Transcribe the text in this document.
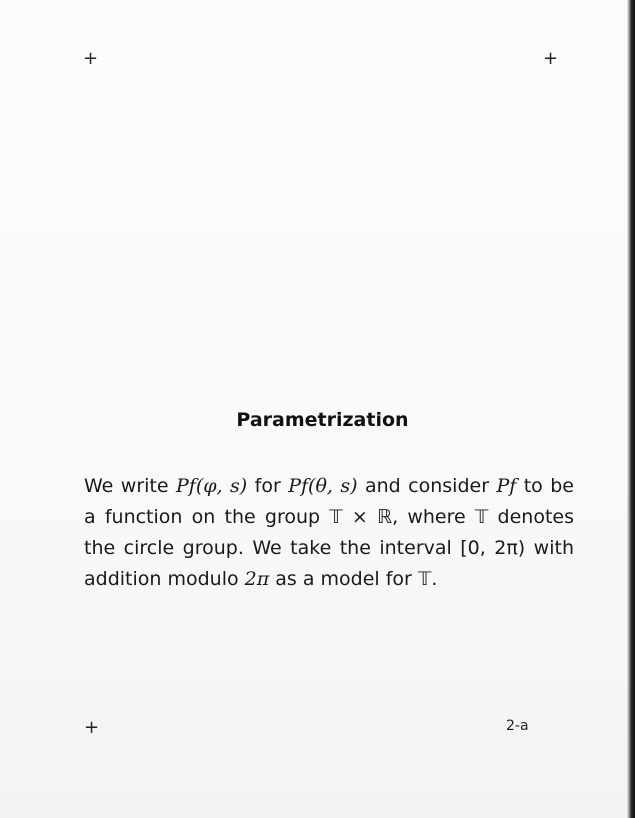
+	+
+
Parametrization
We write Pf(φ, s) for Pf(θ, s) and consider Pf to be a function on the group 𝕋 × ℝ, where 𝕋 denotes the circle group. We take the interval [0, 2π) with addition modulo 2π as a model for 𝕋.
2-a
